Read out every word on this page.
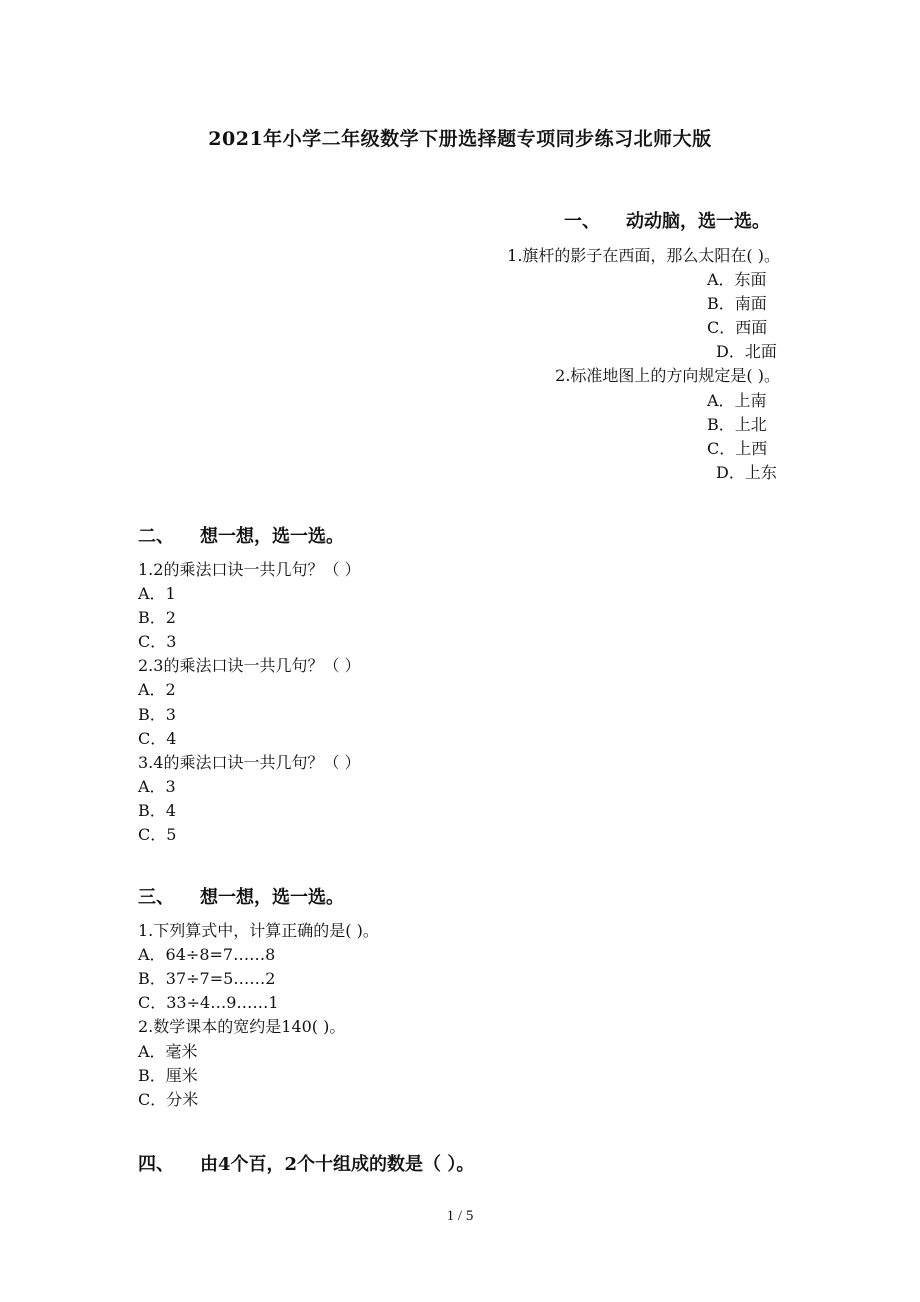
2021年小学二年级数学下册选择题专项同步练习北师大版
一、 动动脑，选一选。
1.旗杆的影子在西面，那么太阳在( )。
A．东面
B．南面
C．西面
D．北面
2.标准地图上的方向规定是( )。
A．上南
B．上北
C．上西
D．上东
二、 想一想，选一选。
1.2的乘法口诀一共几句？（ ）
A．1
B．2
C．3
2.3的乘法口诀一共几句？（ ）
A．2
B．3
C．4
3.4的乘法口诀一共几句？（ ）
A．3
B．4
C．5
三、 想一想，选一选。
1.下列算式中，计算正确的是( )。
A．64÷8=7……8
B．37÷7=5……2
C．33÷4…9……1
2.数学课本的宽约是140( )。
A．毫米
B．厘米
C．分米
四、 由4个百，2个十组成的数是（ ）。
1 / 5
